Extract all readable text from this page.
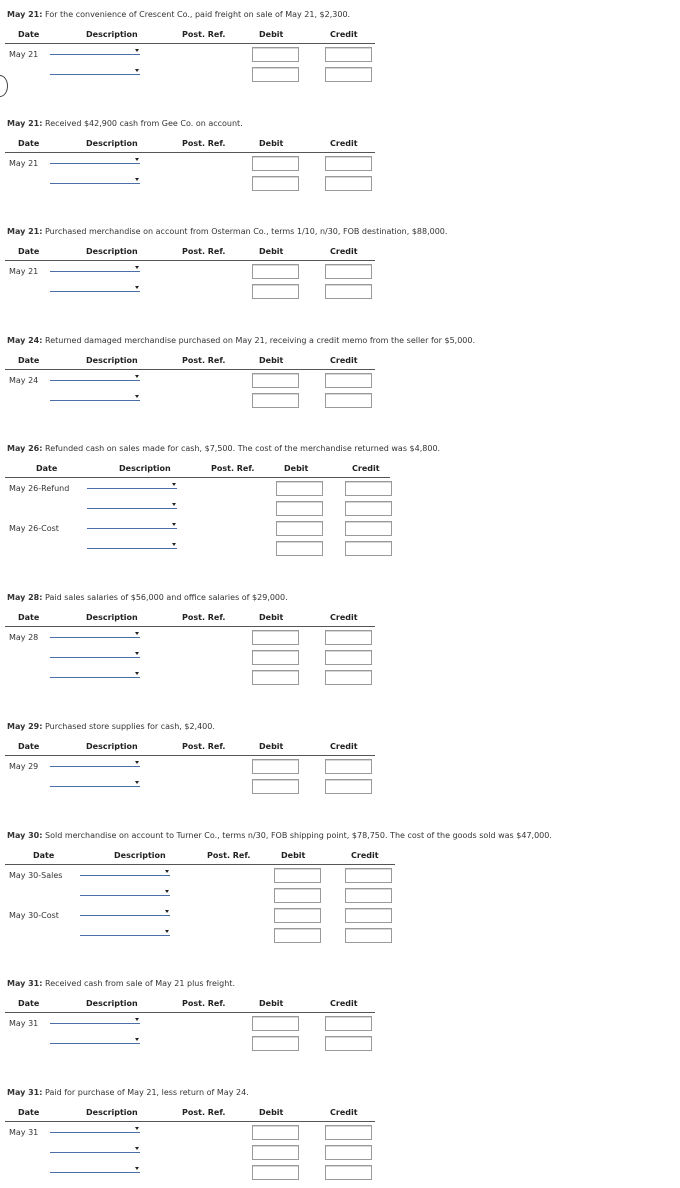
May 21: For the convenience of Crescent Co., paid freight on sale of May 21, $2,300.
Date	Description	Post. Ref.	Debit	Credit
May 21
May 21: Received $42,900 cash from Gee Co. on account.
Date	Description	Post. Ref.	Debit	Credit
May 21
May 21: Purchased merchandise on account from Osterman Co., terms 1/10, n/30, FOB destination, $88,000.
Date	Description	Post. Ref.	Debit	Credit
May 21
May 24: Returned damaged merchandise purchased on May 21, receiving a credit memo from the seller for $5,000.
Date	Description	Post. Ref.	Debit	Credit
May 24
May 26: Refunded cash on sales made for cash, $7,500. The cost of the merchandise returned was $4,800.
Date	Description	Post. Ref.	Debit	Credit
May 26-Refund
May 26-Cost
May 28: Paid sales salaries of $56,000 and office salaries of $29,000.
Date	Description	Post. Ref.	Debit	Credit
May 28
May 29: Purchased store supplies for cash, $2,400.
Date	Description	Post. Ref.	Debit	Credit
May 29
May 30: Sold merchandise on account to Turner Co., terms n/30, FOB shipping point, $78,750. The cost of the goods sold was $47,000.
Date	Description	Post. Ref.	Debit	Credit
May 30-Sales
May 30-Cost
May 31: Received cash from sale of May 21 plus freight.
Date	Description	Post. Ref.	Debit	Credit
May 31
May 31: Paid for purchase of May 21, less return of May 24.
Date	Description	Post. Ref.	Debit	Credit
May 31
